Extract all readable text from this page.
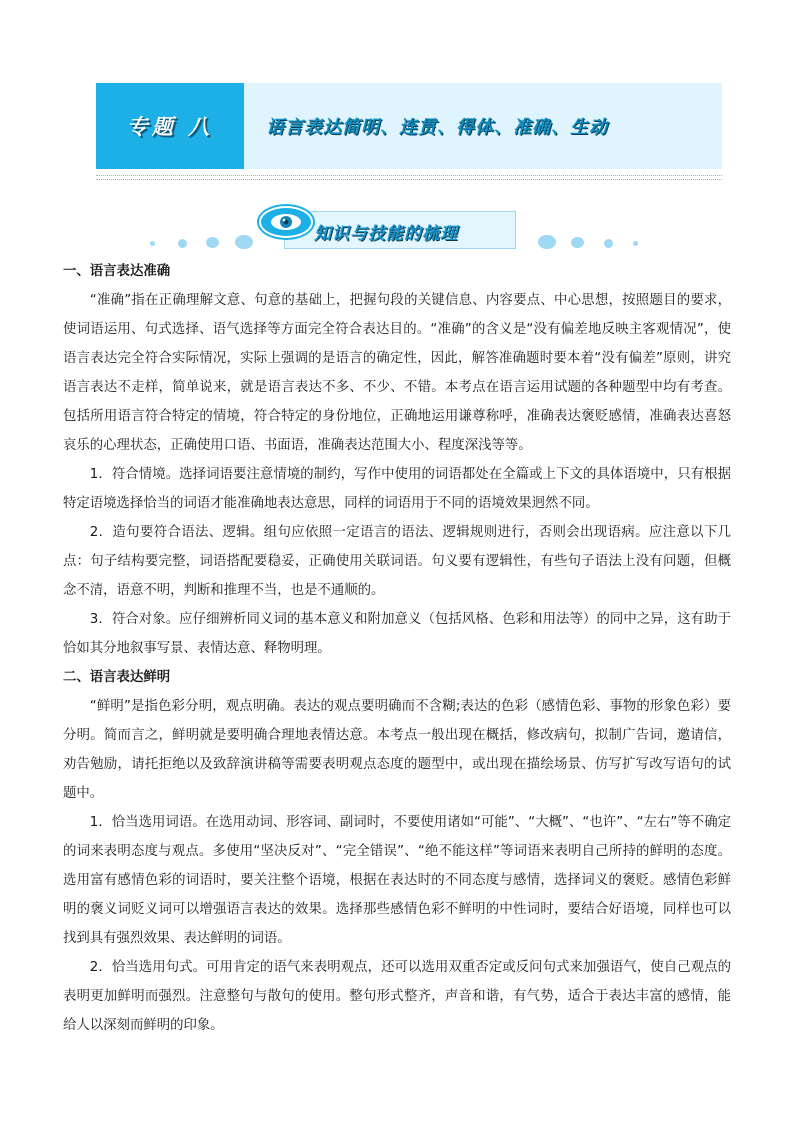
专题 八	语言表达简明、连贯、得体、准确、生动
知识与技能的梳理
一、语言表达准确

“准确”指在正确理解文意、句意的基础上，把握句段的关键信息、内容要点、中心思想，按照题目的要求，使词语运用、句式选择、语气选择等方面完全符合表达目的。“准确”的含义是“没有偏差地反映主客观情况”，使语言表达完全符合实际情况，实际上强调的是语言的确定性，因此，解答准确题时要本着“没有偏差”原则，讲究语言表达不走样，简单说来，就是语言表达不多、不少、不错。本考点在语言运用试题的各种题型中均有考查。包括所用语言符合特定的情境，符合特定的身份地位，正确地运用谦尊称呼，准确表达褒贬感情，准确表达喜怒哀乐的心理状态，正确使用口语、书面语，准确表达范围大小、程度深浅等等。

1．符合情境。选择词语要注意情境的制约，写作中使用的词语都处在全篇或上下文的具体语境中，只有根据特定语境选择恰当的词语才能准确地表达意思，同样的词语用于不同的语境效果迥然不同。

2．造句要符合语法、逻辑。组句应依照一定语言的语法、逻辑规则进行，否则会出现语病。应注意以下几点：句子结构要完整，词语搭配要稳妥，正确使用关联词语。句义要有逻辑性，有些句子语法上没有问题，但概念不清，语意不明，判断和推理不当，也是不通顺的。

3．符合对象。应仔细辨析同义词的基本意义和附加意义（包括风格、色彩和用法等）的同中之异，这有助于恰如其分地叙事写景、表情达意、释物明理。

二、语言表达鲜明

“鲜明”是指色彩分明，观点明确。表达的观点要明确而不含糊;表达的色彩（感情色彩、事物的形象色彩）要分明。简而言之，鲜明就是要明确合理地表情达意。本考点一般出现在概括，修改病句，拟制广告词，邀请信，劝告勉励，请托拒绝以及致辞演讲稿等需要表明观点态度的题型中，或出现在描绘场景、仿写扩写改写语句的试题中。

1．恰当选用词语。在选用动词、形容词、副词时，不要使用诸如“可能”、“大概”、“也许”、“左右”等不确定的词来表明态度与观点。多使用“坚决反对”、“完全错误”、“绝不能这样”等词语来表明自己所持的鲜明的态度。选用富有感情色彩的词语时，要关注整个语境，根据在表达时的不同态度与感情，选择词义的褒贬。感情色彩鲜明的褒义词贬义词可以增强语言表达的效果。选择那些感情色彩不鲜明的中性词时，要结合好语境，同样也可以找到具有强烈效果、表达鲜明的词语。

2．恰当选用句式。可用肯定的语气来表明观点，还可以选用双重否定或反问句式来加强语气，使自己观点的表明更加鲜明而强烈。注意整句与散句的使用。整句形式整齐，声音和谐，有气势，适合于表达丰富的感情，能给人以深刻而鲜明的印象。
